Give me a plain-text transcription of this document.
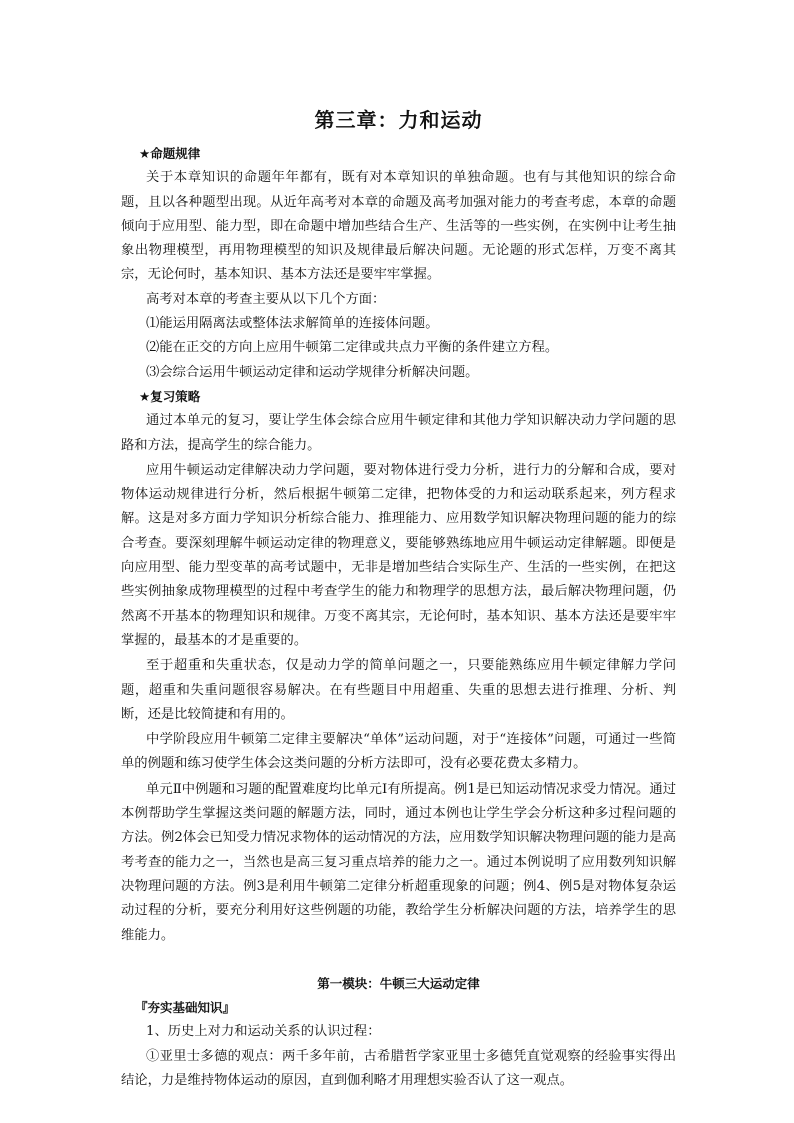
第三章：力和运动

★命题规律

关于本章知识的命题年年都有，既有对本章知识的单独命题。也有与其他知识的综合命题，且以各种题型出现。从近年高考对本章的命题及高考加强对能力的考查考虑，本章的命题倾向于应用型、能力型，即在命题中增加些结合生产、生活等的一些实例，在实例中让考生抽象出物理模型，再用物理模型的知识及规律最后解决问题。无论题的形式怎样，万变不离其宗，无论何时，基本知识、基本方法还是要牢牢掌握。

高考对本章的考查主要从以下几个方面：

⑴能运用隔离法或整体法求解简单的连接体问题。

⑵能在正交的方向上应用牛顿第二定律或共点力平衡的条件建立方程。

⑶会综合运用牛顿运动定律和运动学规律分析解决问题。

★复习策略

通过本单元的复习，要让学生体会综合应用牛顿定律和其他力学知识解决动力学问题的思路和方法，提高学生的综合能力。

应用牛顿运动定律解决动力学问题，要对物体进行受力分析，进行力的分解和合成，要对物体运动规律进行分析，然后根据牛顿第二定律，把物体受的力和运动联系起来，列方程求解。这是对多方面力学知识分析综合能力、推理能力、应用数学知识解决物理问题的能力的综合考查。要深刻理解牛顿运动定律的物理意义，要能够熟练地应用牛顿运动定律解题。即便是向应用型、能力型变革的高考试题中，无非是增加些结合实际生产、生活的一些实例，在把这些实例抽象成物理模型的过程中考查学生的能力和物理学的思想方法，最后解决物理问题，仍然离不开基本的物理知识和规律。万变不离其宗，无论何时，基本知识、基本方法还是要牢牢掌握的，最基本的才是重要的。

至于超重和失重状态，仅是动力学的简单问题之一，只要能熟练应用牛顿定律解力学问题，超重和失重问题很容易解决。在有些题目中用超重、失重的思想去进行推理、分析、判断，还是比较简捷和有用的。

中学阶段应用牛顿第二定律主要解决“单体”运动问题，对于“连接体”问题，可通过一些简单的例题和练习使学生体会这类问题的分析方法即可，没有必要花费太多精力。

单元Ⅱ中例题和习题的配置难度均比单元Ⅰ有所提高。例1是已知运动情况求受力情况。通过本例帮助学生掌握这类问题的解题方法，同时，通过本例也让学生学会分析这种多过程问题的方法。例2体会已知受力情况求物体的运动情况的方法，应用数学知识解决物理问题的能力是高考考查的能力之一，当然也是高三复习重点培养的能力之一。通过本例说明了应用数列知识解决物理问题的方法。例3是利用牛顿第二定律分析超重现象的问题；例4、例5是对物体复杂运动过程的分析，要充分利用好这些例题的功能，教给学生分析解决问题的方法，培养学生的思维能力。

第一模块：牛顿三大运动定律

『夯实基础知识』

1、历史上对力和运动关系的认识过程：

①亚里士多德的观点：两千多年前，古希腊哲学家亚里士多德凭直觉观察的经验事实得出结论，力是维持物体运动的原因，直到伽利略才用理想实验否认了这一观点。
